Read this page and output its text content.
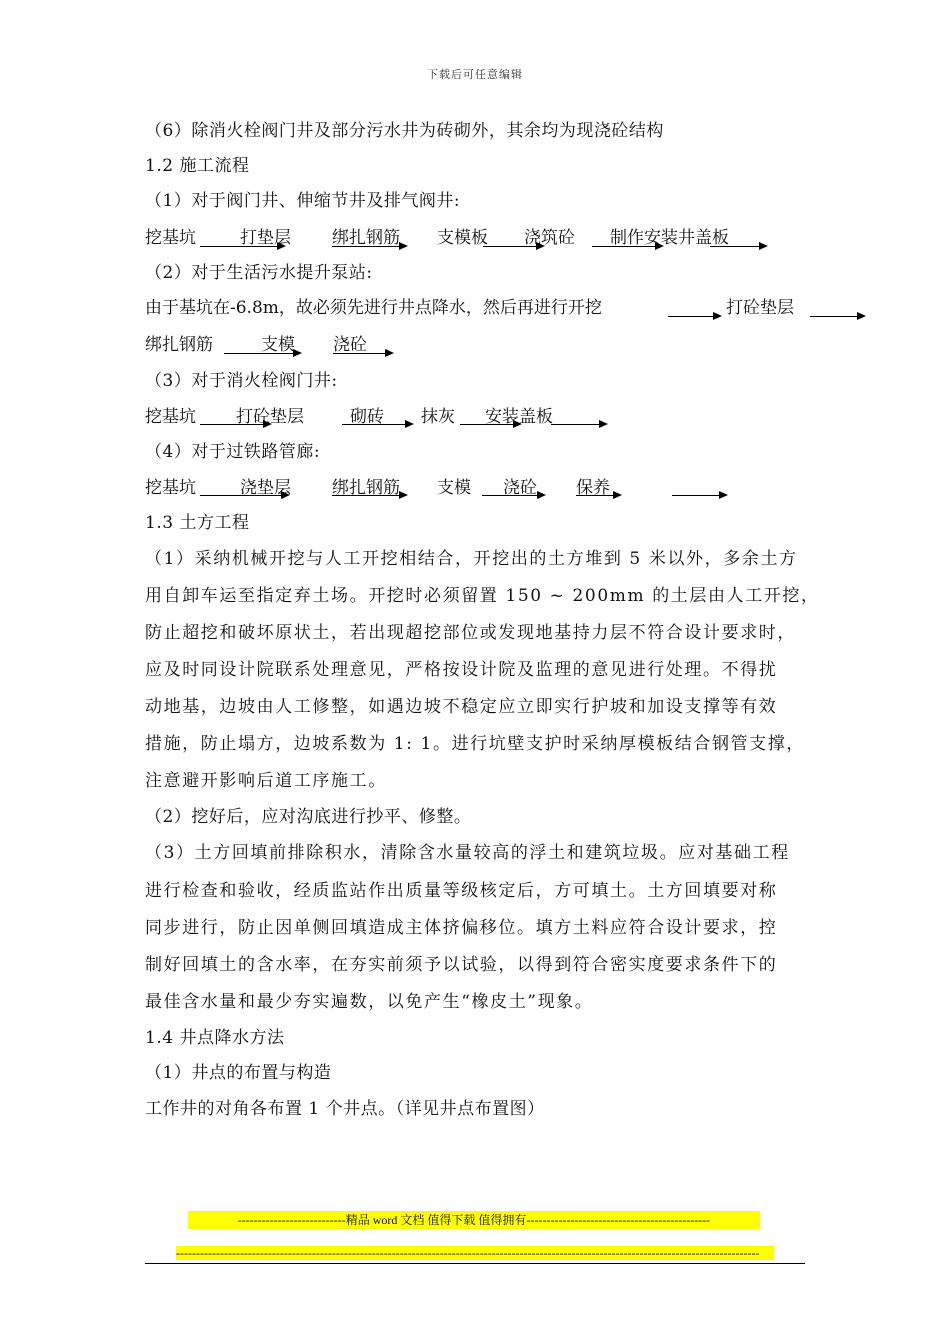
下载后可任意编辑
（6）除消火栓阀门井及部分污水井为砖砌外，其余均为现浇砼结构
1.2 施工流程
（1）对于阀门井、伸缩节井及排气阀井:
挖基坑	打垫层 绑扎钢筋 支模板 浇筑砼 制作安装井盖板
（2）对于生活污水提升泵站:
由于基坑在-6.8m，故必须先进行井点降水，然后再进行开挖	打砼垫层
绑扎钢筋	支模 浇砼
（3）对于消火栓阀门井:
挖基坑 打砼垫层	砌砖 抹灰 安装盖板
（4）对于过铁路管廊:
挖基坑	浇垫层 绑扎钢筋 支模 浇砼 保养
1.3 土方工程
（1）采纳机械开挖与人工开挖相结合，开挖出的土方堆到 5 米以外，多余土方
用自卸车运至指定弃土场。开挖时必须留置 150 ~ 200mm 的土层由人工开挖，
防止超挖和破坏原状土，若出现超挖部位或发现地基持力层不符合设计要求时，
应及时同设计院联系处理意见，严格按设计院及监理的意见进行处理。不得扰
动地基，边坡由人工修整，如遇边坡不稳定应立即实行护坡和加设支撑等有效
措施，防止塌方，边坡系数为 1: 1。进行坑壁支护时采纳厚模板结合钢管支撑，
注意避开影响后道工序施工。
（2）挖好后，应对沟底进行抄平、修整。
（3）土方回填前排除积水，清除含水量较高的浮土和建筑垃圾。应对基础工程
进行检查和验收，经质监站作出质量等级核定后，方可填土。土方回填要对称
同步进行，防止因单侧回填造成主体挤偏移位。填方土料应符合设计要求，控
制好回填土的含水率，在夯实前须予以试验，以得到符合密实度要求条件下的
最佳含水量和最少夯实遍数，以免产生“橡皮土”现象。
1.4 井点降水方法
（1）井点的布置与构造
工作井的对角各布置 1 个井点。（详见井点布置图）
---------------------------精品 word 文档 值得下载 值得拥有----------------------------------------------
--------------------------------------------------------------------------------------------------------------------------------------------------
